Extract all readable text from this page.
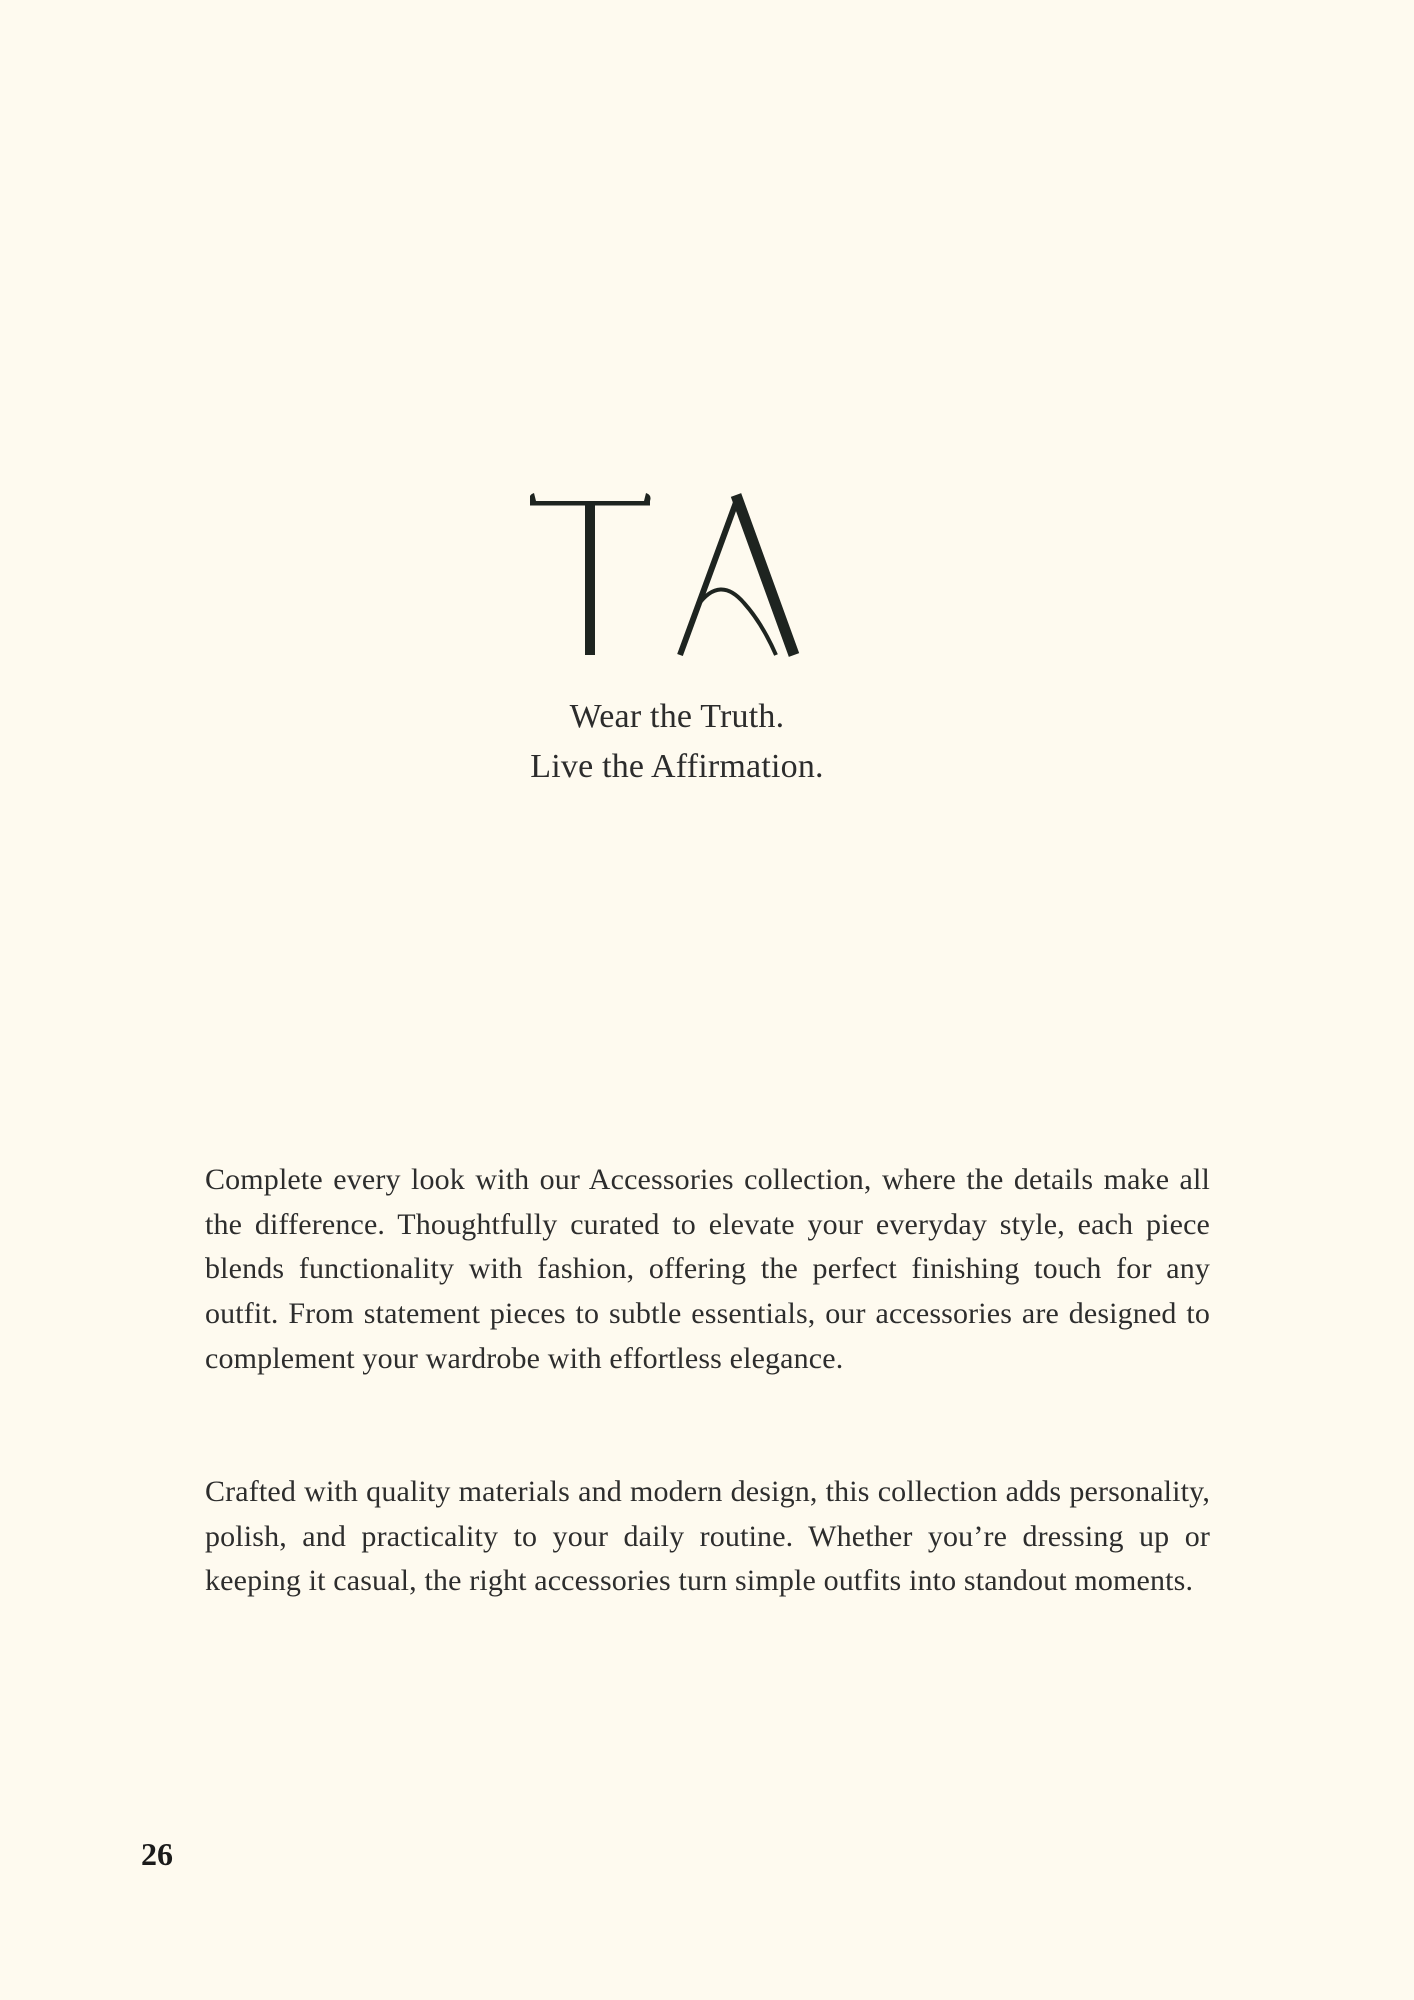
Wear the Truth.
Live the Affirmation.

Complete every look with our Accessories collection, where the details make all the difference. Thoughtfully curated to elevate your everyday style, each piece blends functionality with fashion, offering the perfect finishing touch for any outfit. From statement pieces to subtle essentials, our accessories are designed to complement your wardrobe with effortless elegance.

Crafted with quality materials and modern design, this collection adds personality, polish, and practicality to your daily routine. Whether you’re dressing up or keeping it casual, the right accessories turn simple outfits into standout moments.

26
